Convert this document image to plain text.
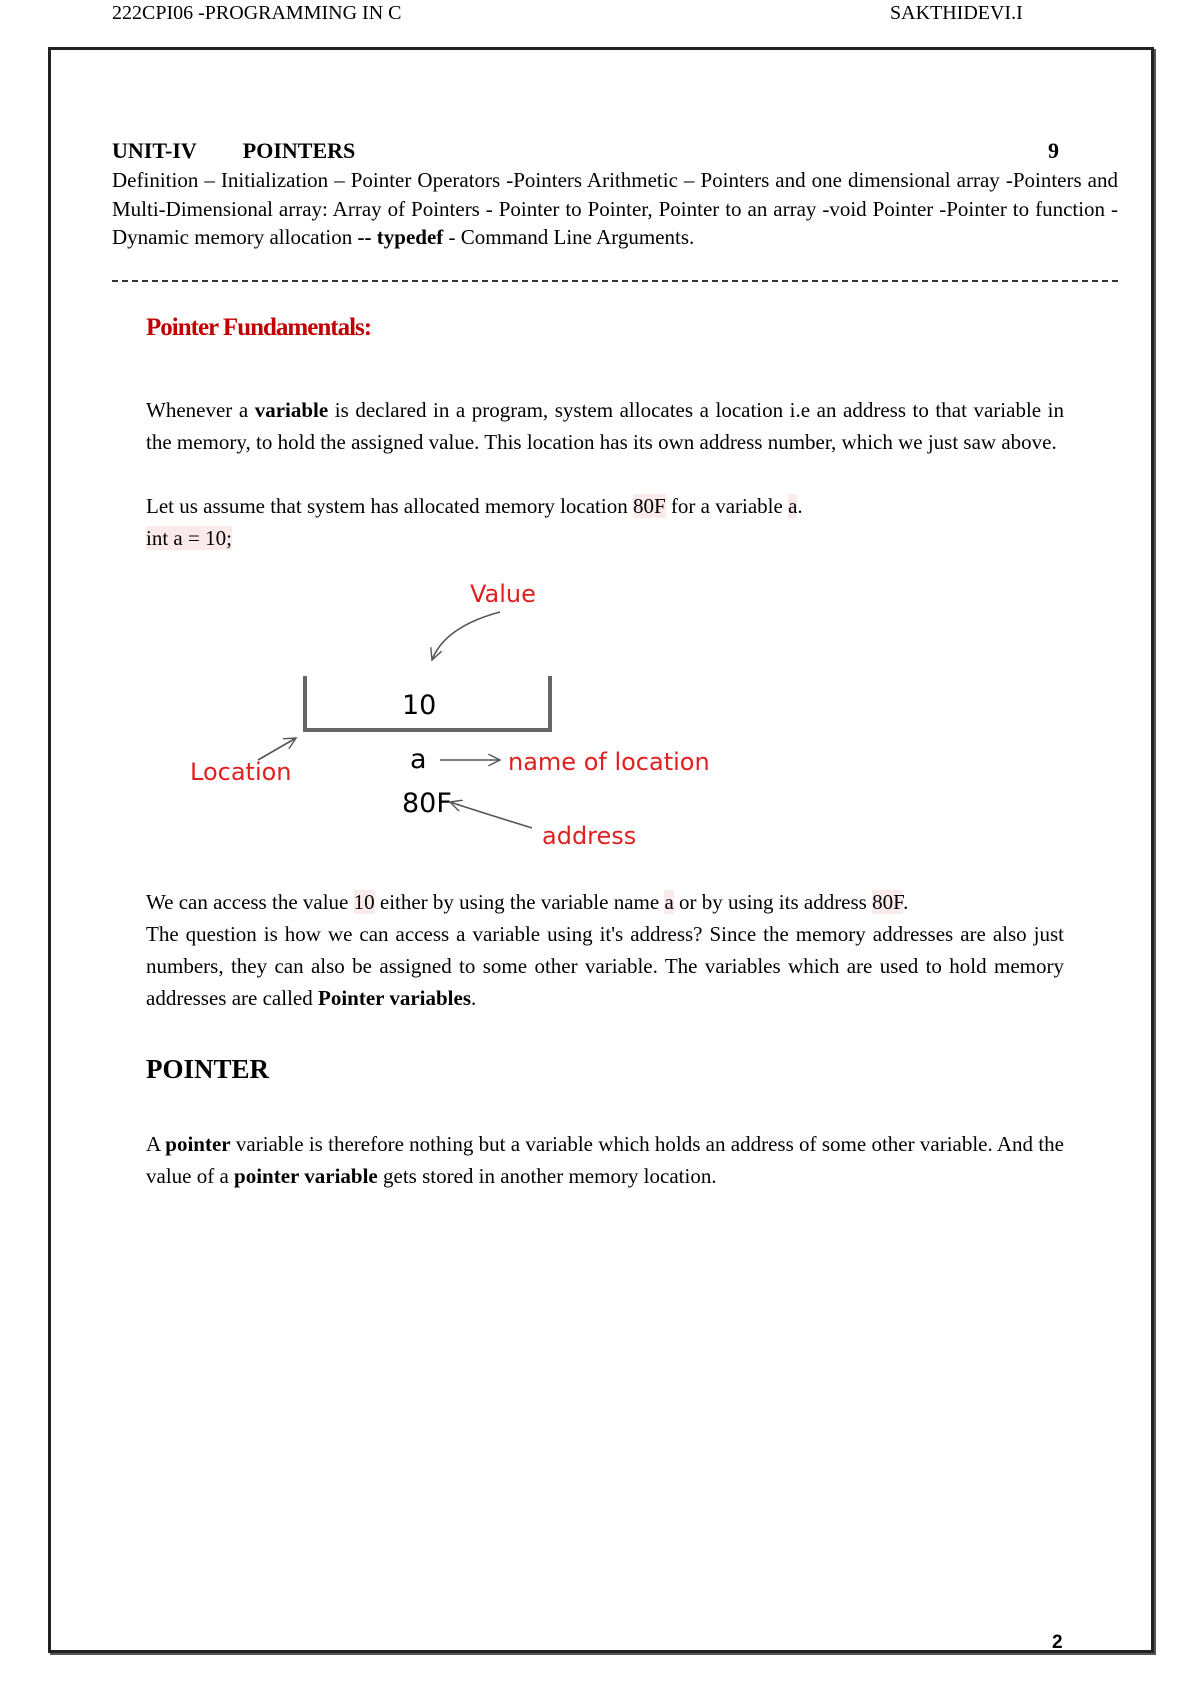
222CPI06 -PROGRAMMING IN C	SAKTHIDEVI.I
UNIT-IV POINTERS	9
Definition – Initialization – Pointer Operators -Pointers Arithmetic – Pointers and one dimensional array -Pointers and Multi-Dimensional array: Array of Pointers - Pointer to Pointer, Pointer to an array -void Pointer -Pointer to function - Dynamic memory allocation -- typedef - Command Line Arguments.
Pointer Fundamentals:
Whenever a variable is declared in a program, system allocates a location i.e an address to that variable in the memory, to hold the assigned value. This location has its own address number, which we just saw above.
Let us assume that system has allocated memory location 80F for a variable a.
int a = 10;
Value
10
Location	a	name of location
80F
address
We can access the value 10 either by using the variable name a or by using its address 80F.
The question is how we can access a variable using it's address? Since the memory addresses are also just numbers, they can also be assigned to some other variable. The variables which are used to hold memory addresses are called Pointer variables.
POINTER
A pointer variable is therefore nothing but a variable which holds an address of some other variable. And the value of a pointer variable gets stored in another memory location.
2
